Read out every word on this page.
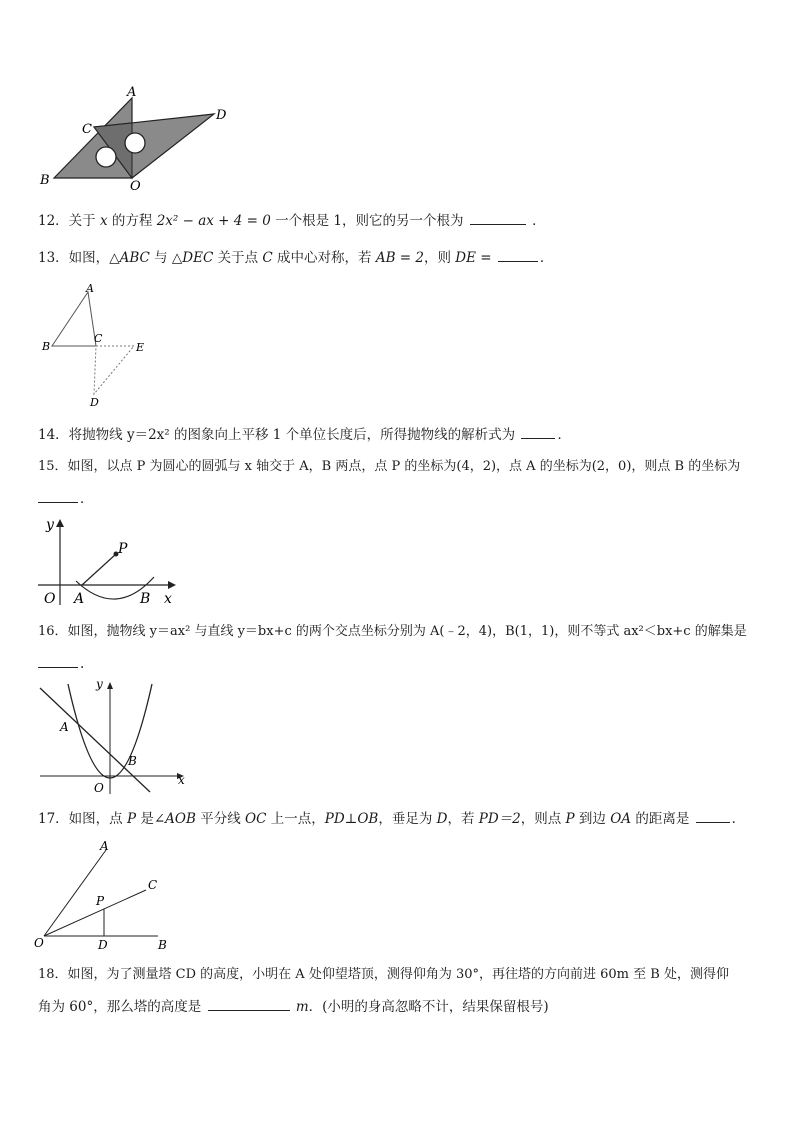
A
C
D
B	O
12．关于 x 的方程 2x² − ax + 4 = 0 一个根是 1，则它的另一个根为	．
13．如图，△ABC 与 △DEC 关于点 C 成中心对称，若 AB = 2，则 DE =	．
A
B
C
E
D
14．将抛物线 y＝2x² 的图象向上平移 1 个单位长度后，所得抛物线的解析式为	．
15．如图，以点 P 为圆心的圆弧与 x 轴交于 A，B 两点，点 P 的坐标为(4，2)，点 A 的坐标为(2，0)，则点 B 的坐标为
．
y
P
O A	B x
16．如图，抛物线 y＝ax² 与直线 y＝bx+c 的两个交点坐标分别为 A(﹣2，4)，B(1，1)，则不等式 ax²＜bx+c 的解集是
.
y
A
B
O
x
17．如图，点 P 是∠AOB 平分线 OC 上一点，PD⊥OB，垂足为 D，若 PD＝2，则点 P 到边 OA 的距离是	．
A
C
P
O	D	B
18．如图，为了测量塔 CD 的高度，小明在 A 处仰望塔顶，测得仰角为 30°，再往塔的方向前进 60m 至 B 处，测得仰
角为 60°，那么塔的高度是	m．(小明的身高忽略不计，结果保留根号)
